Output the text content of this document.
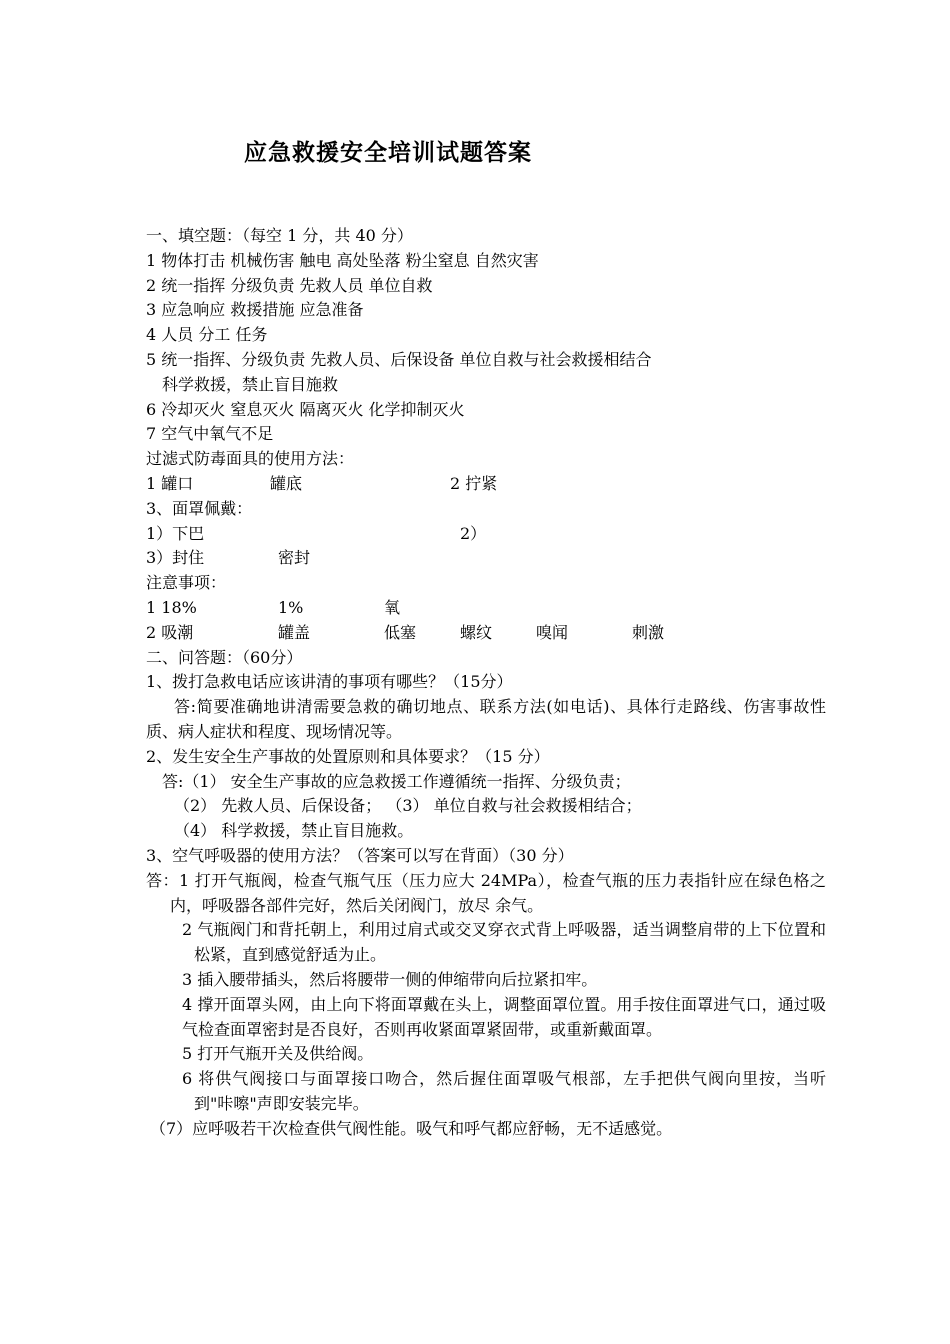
应急救援安全培训试题答案
一、填空题：（每空 1 分，共 40 分）
1 物体打击 机械伤害 触电 高处坠落 粉尘窒息 自然灾害
2 统一指挥 分级负责 先救人员 单位自救
3 应急响应 救援措施 应急准备
4 人员 分工 任务
5 统一指挥、分级负责 先救人员、后保设备 单位自救与社会救援相结合
科学救援，禁止盲目施救
6 冷却灭火 窒息灭火 隔离灭火 化学抑制灭火
7 空气中氧气不足
过滤式防毒面具的使用方法：
1 罐口	罐底	2 拧紧
3、面罩佩戴：
1）下巴	2）
3）封住	密封
注意事项：
1 18%	1%	氧
2 吸潮	罐盖	低塞	螺纹	嗅闻	刺激
二、问答题：（60分）
1、拨打急救电话应该讲清的事项有哪些？（15分）
答:简要准确地讲清需要急救的确切地点、联系方法(如电话)、具体行走路线、伤害事故性质、病人症状和程度、现场情况等。
2、发生安全生产事故的处置原则和具体要求？（15 分）
答:（1） 安全生产事故的应急救援工作遵循统一指挥、分级负责；
（2） 先救人员、后保设备； （3） 单位自救与社会救援相结合；
（4） 科学救援，禁止盲目施救。
3、空气呼吸器的使用方法？（答案可以写在背面）（30 分）
答：1 打开气瓶阀，检查气瓶气压（压力应大 24MPa），检查气瓶的压力表指针应在绿色格之内，呼吸器各部件完好，然后关闭阀门，放尽 余气。
2 气瓶阀门和背托朝上，利用过肩式或交叉穿衣式背上呼吸器，适当调整肩带的上下位置和松紧，直到感觉舒适为止。
3 插入腰带插头，然后将腰带一侧的伸缩带向后拉紧扣牢。
4 撑开面罩头网，由上向下将面罩戴在头上，调整面罩位置。用手按住面罩进气口，通过吸气检查面罩密封是否良好，否则再收紧面罩紧固带，或重新戴面罩。
5 打开气瓶开关及供给阀。
6 将供气阀接口与面罩接口吻合，然后握住面罩吸气根部，左手把供气阀向里按，当听到"咔嚓"声即安装完毕。
（7）应呼吸若干次检查供气阀性能。吸气和呼气都应舒畅，无不适感觉。
